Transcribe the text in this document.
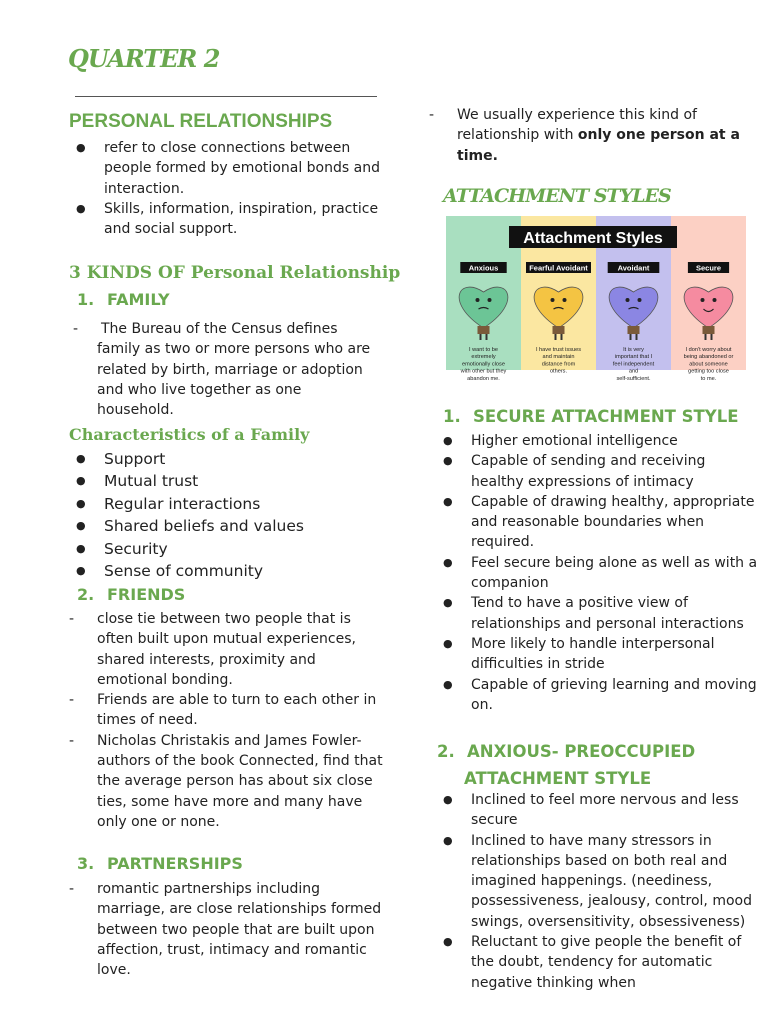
QUARTER 2
PERSONAL RELATIONSHIPS
● refer to close connections between people formed by emotional bonds and interaction.
● Skills, information, inspiration, practice and social support.
3 KINDS OF Personal Relationship
1. FAMILY
- The Bureau of the Census defines family as two or more persons who are related by birth, marriage or adoption and who live together as one household.
Characteristics of a Family
● Support
● Mutual trust
● Regular interactions
● Shared beliefs and values
● Security
● Sense of community
2. FRIENDS
- close tie between two people that is often built upon mutual experiences, shared interests, proximity and emotional bonding.
- Friends are able to turn to each other in times of need.
- Nicholas Christakis and James Fowler- authors of the book Connected, find that the average person has about six close ties, some have more and many have only one or none.
3. PARTNERSHIPS
- romantic partnerships including marriage, are close relationships formed between two people that are built upon affection, trust, intimacy and romantic love.
- We usually experience this kind of relationship with only one person at a time.
ATTACHMENT STYLES
Anxious
I want to be
extremely
emotionally close
with other but they
abandon me.
Fearful Avoidant
I have trust issues
and maintain
distance from
others.
Avoidant
It is very
important that I
feel independent
and
self-sufficient.
Secure
I don't worry about
being abandoned or
about someone
getting too close
to me.
Attachment Styles
1. SECURE ATTACHMENT STYLE
● Higher emotional intelligence
● Capable of sending and receiving healthy expressions of intimacy
● Capable of drawing healthy, appropriate and reasonable boundaries when required.
● Feel secure being alone as well as with a companion
● Tend to have a positive view of relationships and personal interactions
● More likely to handle interpersonal difficulties in stride
● Capable of grieving learning and moving on.
2. ANXIOUS- PREOCCUPIED
ATTACHMENT STYLE
● Inclined to feel more nervous and less secure
● Inclined to have many stressors in relationships based on both real and imagined happenings. (neediness, possessiveness, jealousy, control, mood swings, oversensitivity, obsessiveness)
● Reluctant to give people the benefit of the doubt, tendency for automatic negative thinking when
